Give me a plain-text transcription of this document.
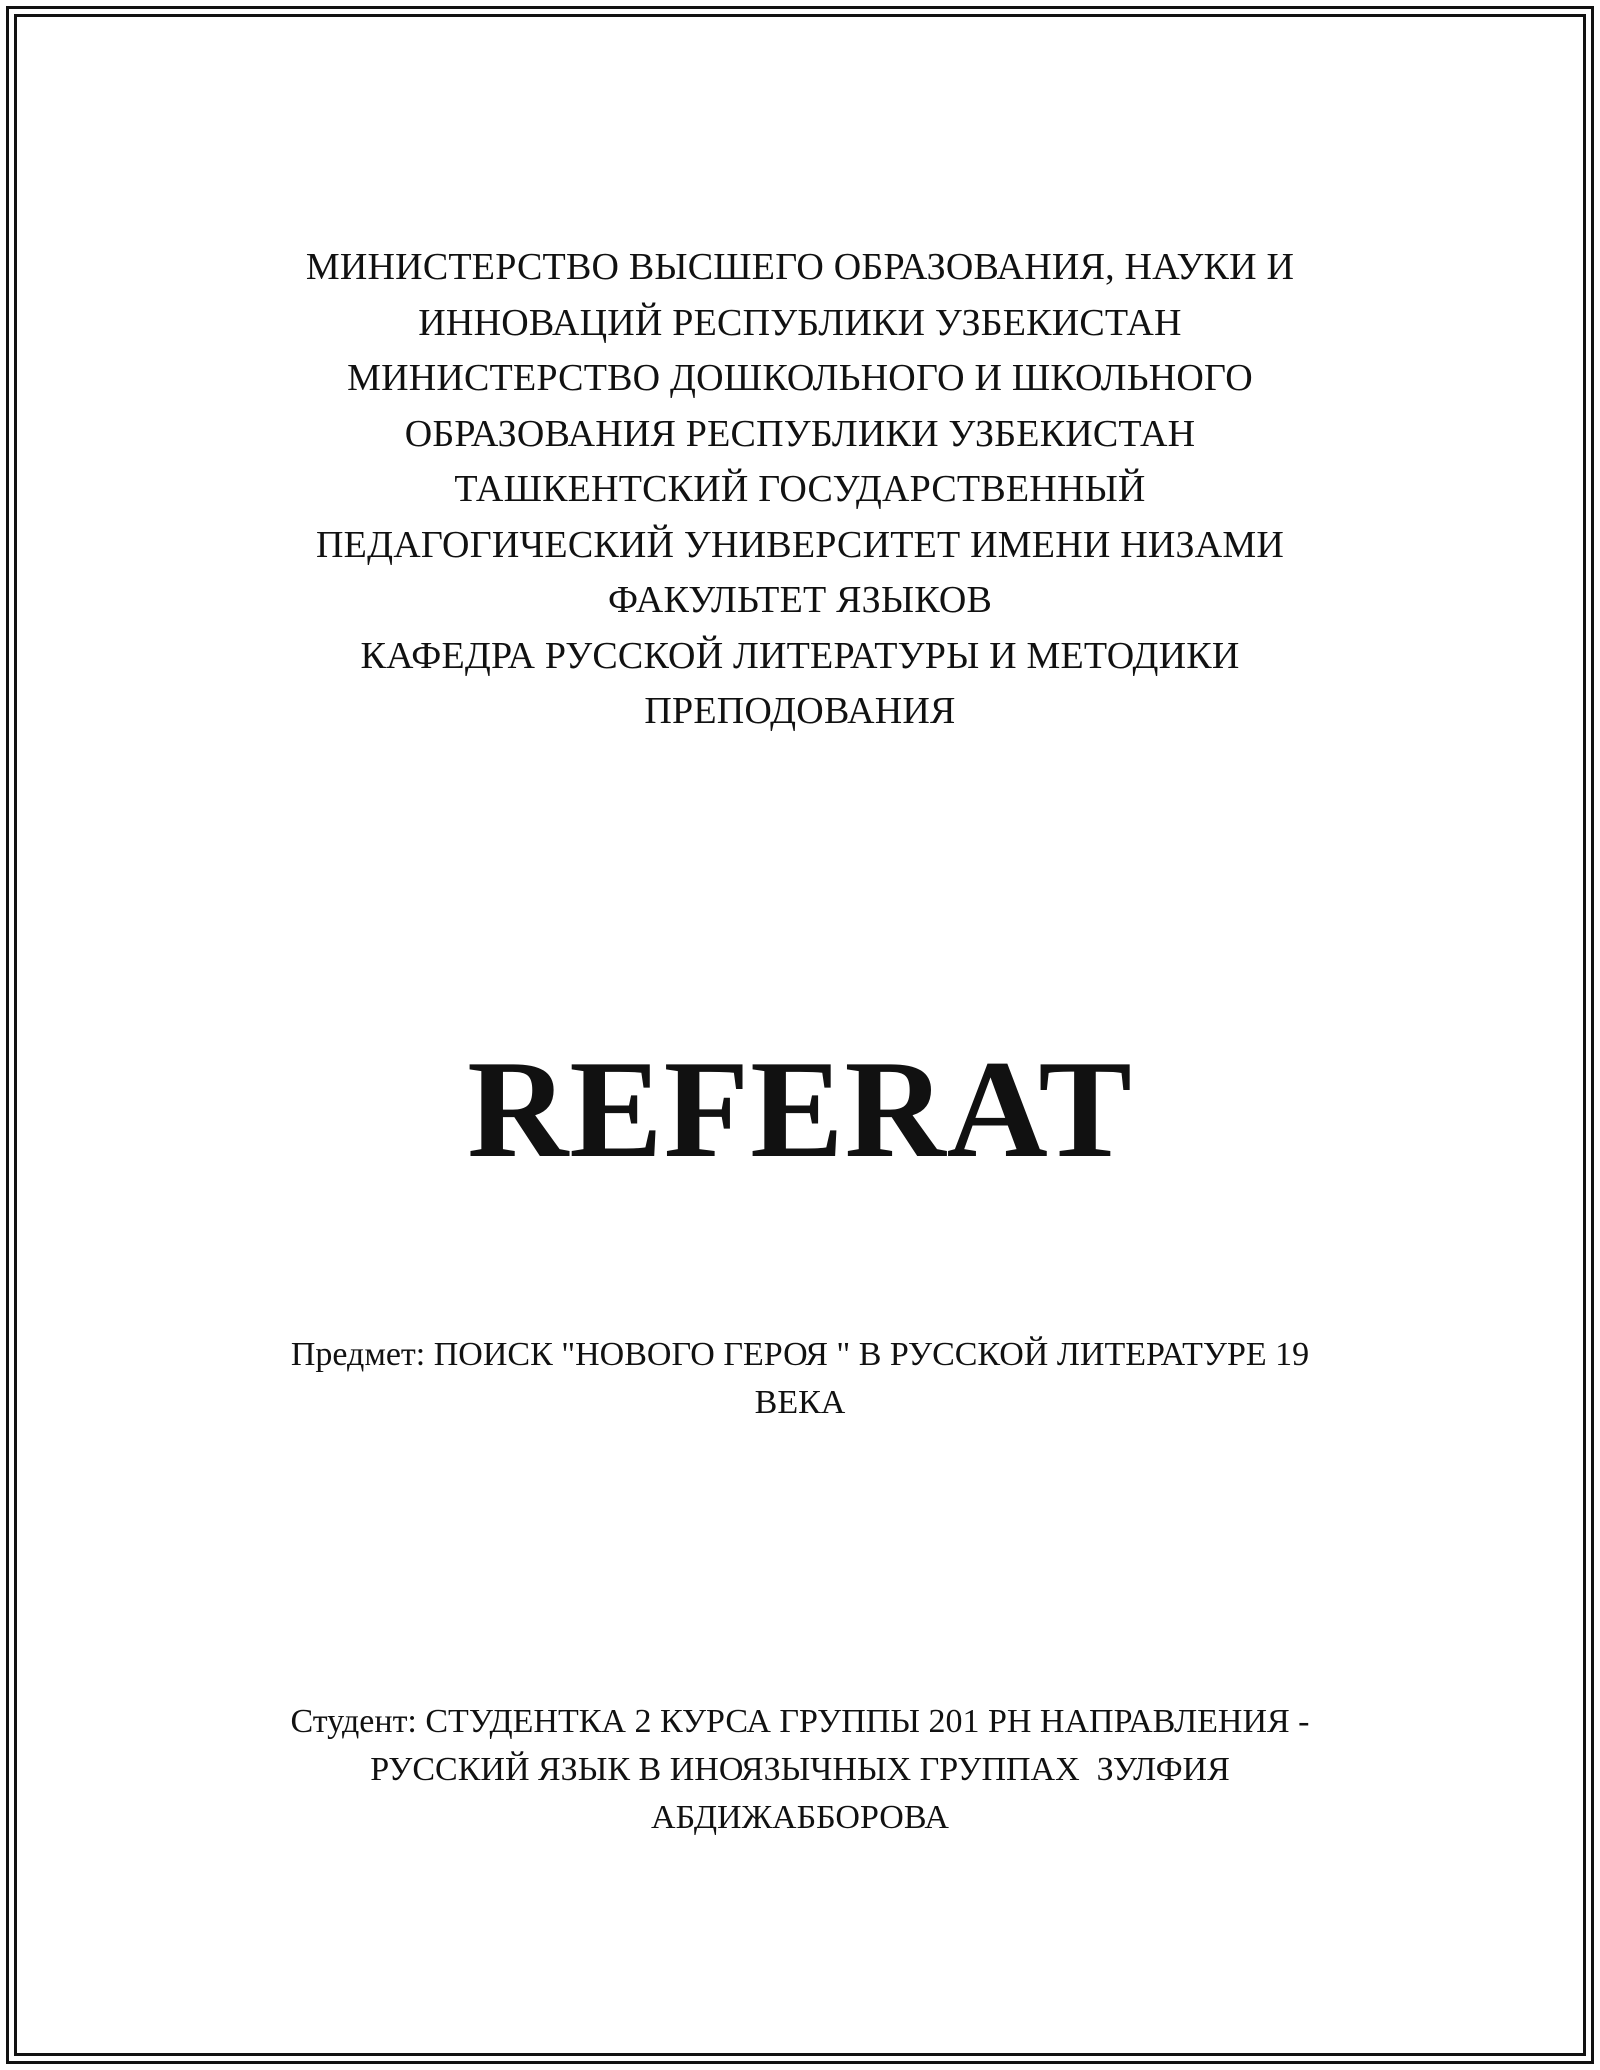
МИНИСТЕРСТВО ВЫСШЕГО ОБРАЗОВАНИЯ, НАУКИ И
ИННОВАЦИЙ РЕСПУБЛИКИ УЗБЕКИСТАН
МИНИСТЕРСТВО ДОШКОЛЬНОГО И ШКОЛЬНОГО
ОБРАЗОВАНИЯ РЕСПУБЛИКИ УЗБЕКИСТАН
ТАШКЕНТСКИЙ ГОСУДАРСТВЕННЫЙ
ПЕДАГОГИЧЕСКИЙ УНИВЕРСИТЕТ ИМЕНИ НИЗАМИ
ФАКУЛЬТЕТ ЯЗЫКОВ
КАФЕДРА РУССКОЙ ЛИТЕРАТУРЫ И МЕТОДИКИ
ПРЕПОДОВАНИЯ
REFERAT
Предмет: ПОИСК "НОВОГО ГЕРОЯ " В РУССКОЙ ЛИТЕРАТУРЕ 19
ВЕКА
Студент: СТУДЕНТКА 2 КУРСА ГРУППЫ 201 РН НАПРАВЛЕНИЯ -
РУССКИЙ ЯЗЫК В ИНОЯЗЫЧНЫХ ГРУППАХ  ЗУЛФИЯ
АБДИЖАББОРОВА
